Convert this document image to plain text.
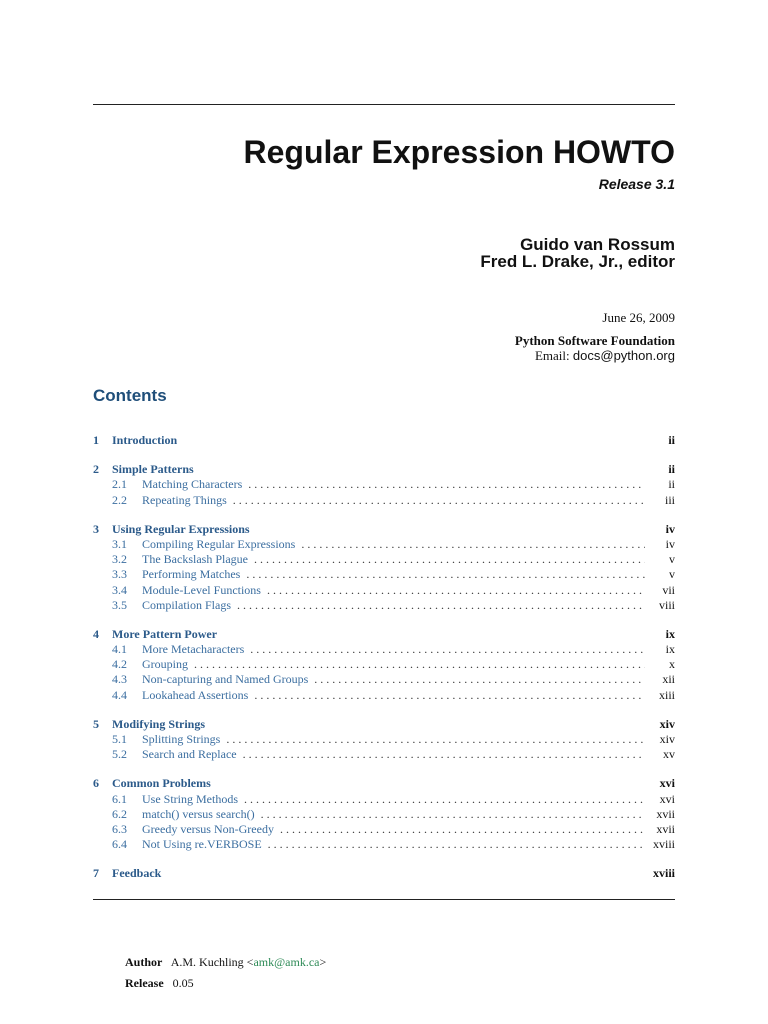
Regular Expression HOWTO
Release 3.1
Guido van Rossum
Fred L. Drake, Jr., editor
June 26, 2009
Python Software Foundation
Email: docs@python.org
Contents
1	Introduction	ii
2	Simple Patterns	ii
2.1	Matching Characters . . .	ii
2.2	Repeating Things . . .	iii
3	Using Regular Expressions	iv
3.1	Compiling Regular Expressions . . .	iv
3.2	The Backslash Plague . . .	v
3.3	Performing Matches . . .	v
3.4	Module-Level Functions . . .	vii
3.5	Compilation Flags . . .	viii
4	More Pattern Power	ix
4.1	More Metacharacters . . .	ix
4.2	Grouping . . .	x
4.3	Non-capturing and Named Groups . . .	xii
4.4	Lookahead Assertions . . .	xiii
5	Modifying Strings	xiv
5.1	Splitting Strings . . .	xiv
5.2	Search and Replace . . .	xv
6	Common Problems	xvi
6.1	Use String Methods . . .	xvi
6.2	match() versus search() . . .	xvii
6.3	Greedy versus Non-Greedy . . .	xvii
6.4	Not Using re.VERBOSE . . .	xviii
7	Feedback	xviii
Author A.M. Kuchling <amk@amk.ca>
Release 0.05
